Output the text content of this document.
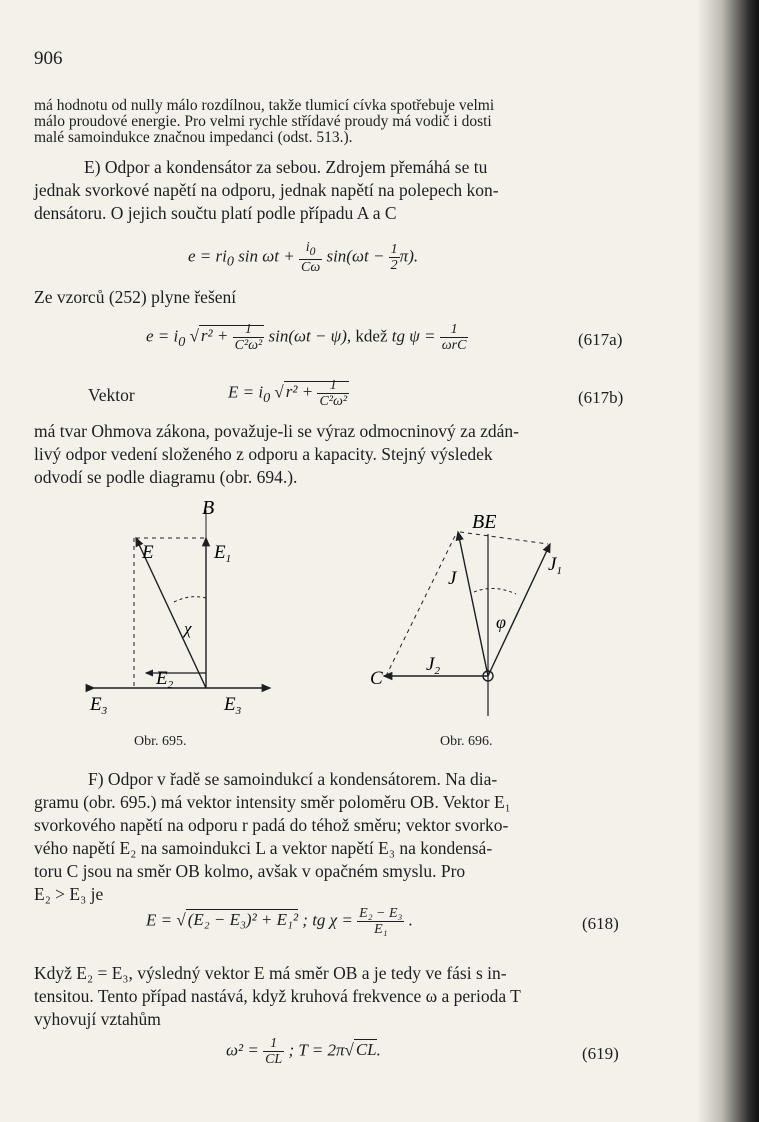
906
má hodnotu od nully málo rozdílnou, takže tlumicí cívka spotřebuje velmi
málo proudové energie. Pro velmi rychle střídavé proudy má vodič i dosti
malé samoindukce značnou impedanci (odst. 513.).
E) Odpor a kondensátor za sebou. Zdrojem přemáhá se tu
jednak svorkové napětí na odporu, jednak napětí na polepech kon-
densátoru. O jejich součtu platí podle případu A a C
$e = ri_0$ $\sin \omega t + \frac{i_0}{C\omega} \sin(\omega t - \frac{1}{2} \pi)$.
Ze vzorců (252) plyne řešení
$e = i_0$ √ $r^2 + \frac{1}{\text{C²ω²}} \sin(\omega t - \psi)$, kdež tg $\psi = \frac{1}{\text{ωrC}}$	(617a)
Vektor	$E = i_0$ √ $r^2 + \frac{1}{\text{C²ω²}}$	(617b)
má tvar Ohmova zákona, považuje-li se výraz odmocninový za zdán-
livý odpor vedení složeného z odporu a kapacity. Stejný výsledek
odvodí se podle diagramu (obr. 694.).
B
E	$E_1$
χ
$E_2$
$E_3$	$E_3$
Obr. 695.
BE
J
$J_1$
φ
C
$J_2$
Obr. 696.
F) Odpor v řadě se samoindukcí a kondensátorem. Na dia-
gramu (obr. 695.) má vektor intensity směr poloměru OB. Vektor E₁
svorkového napětí na odporu r padá do téhož směru; vektor svorko-
vého napětí E₂ na samoindukci L a vektor napětí E₃ na kondensá-
toru C jsou na směr OB kolmo, avšak v opačném smyslu. Pro
E₂ > E₃ je
E = √ (E₂ − E₃)² + E₁² ; tg $\chi = \frac{\text{E₂ − E₃}}{\text{E₁}}$ .	(618)
Když E₂ = E₃, výsledný vektor E má směr OB a je tedy ve fási s in-
tensitou. Tento případ nastává, když kruhová frekvence ω a perioda T
vyhovují vztahům
$\omega^2 = \frac{1}{CL}$ ; T = 2π√ CL.	(619)
